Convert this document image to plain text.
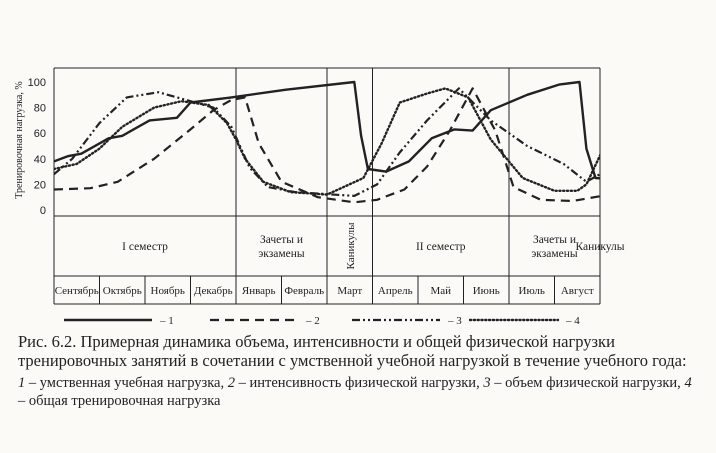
Сентябрь Октябрь Ноябрь Декабрь Январь Февраль Март Апрель Май Июнь Июль Август
I семестр
Зачеты и
экзамены	Каникулы	II семестр
Зачеты и
экзамены
Каникулы
0
20
40
60
80
100
Тренировочная нагрузка, %
– 1	– 2	– 3	– 4
Рис. 6.2. Примерная динамика объема, интенсивности и общей физической нагрузки тренировочных занятий в сочетании с умственной учебной нагрузкой в течение учебного года:
1 – умственная учебная нагрузка, 2 – интенсивность физической нагрузки, 3 – объем физической нагрузки, 4 – общая тренировочная нагрузка
